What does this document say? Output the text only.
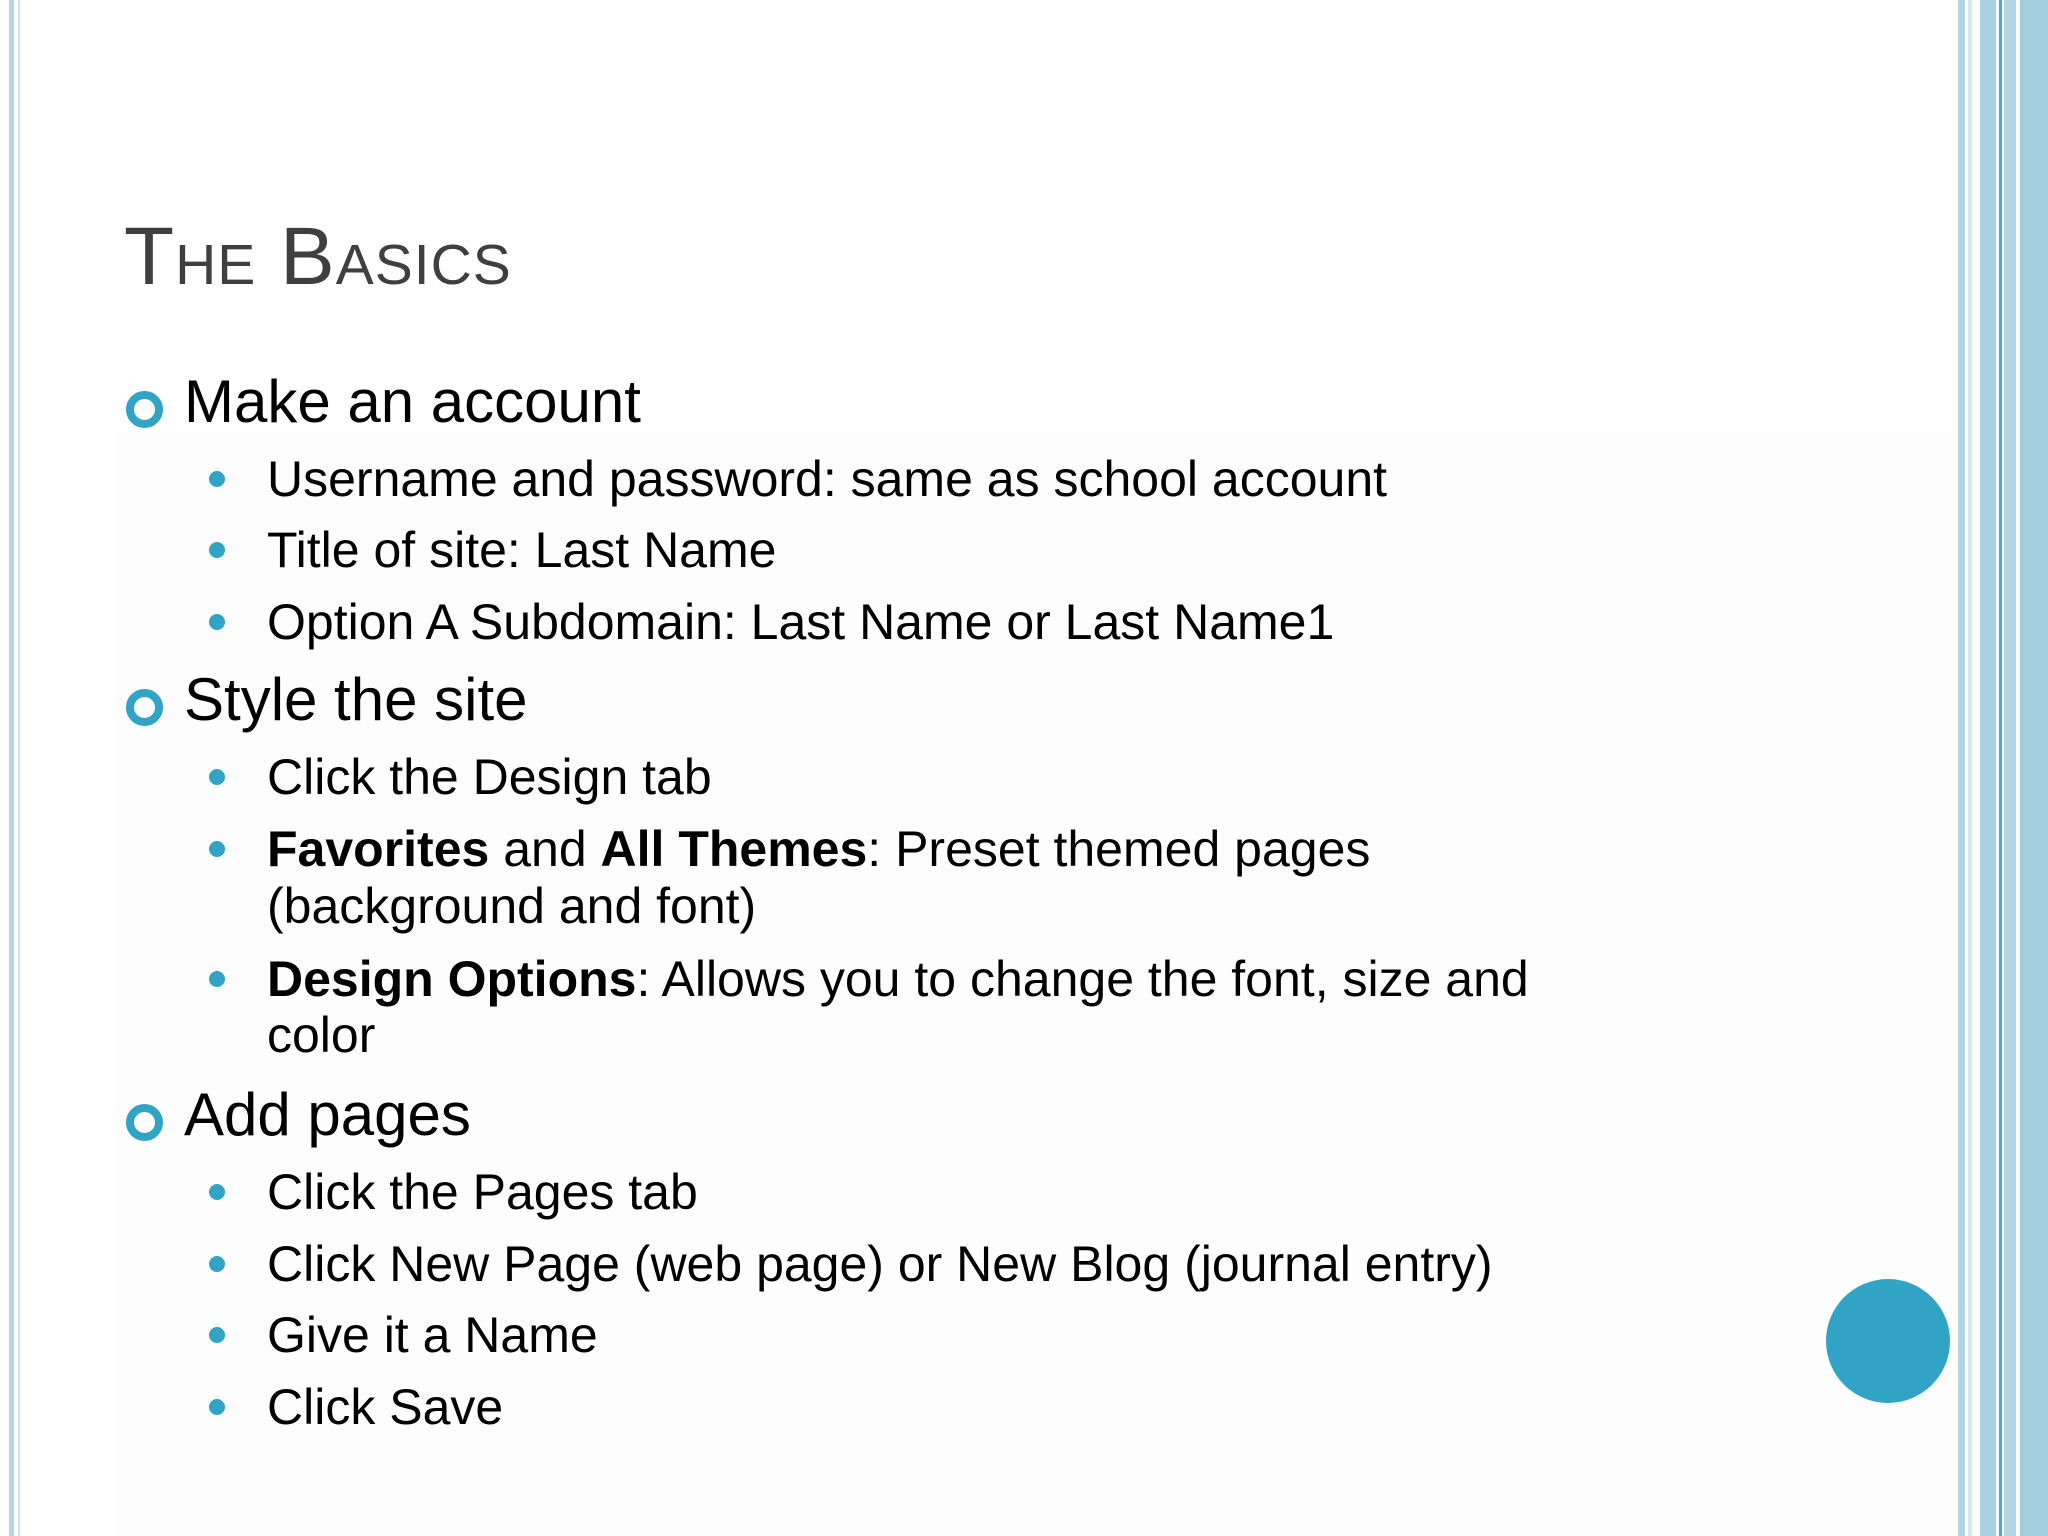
The Basics
Make an account
Username and password: same as school account
Title of site: Last Name
Option A Subdomain: Last Name or Last Name1
Style the site
Click the Design tab
Favorites and All Themes: Preset themed pages
(background and font)
Design Options: Allows you to change the font, size and
color
Add pages
Click the Pages tab
Click New Page (web page) or New Blog (journal entry)
Give it a Name
Click Save
